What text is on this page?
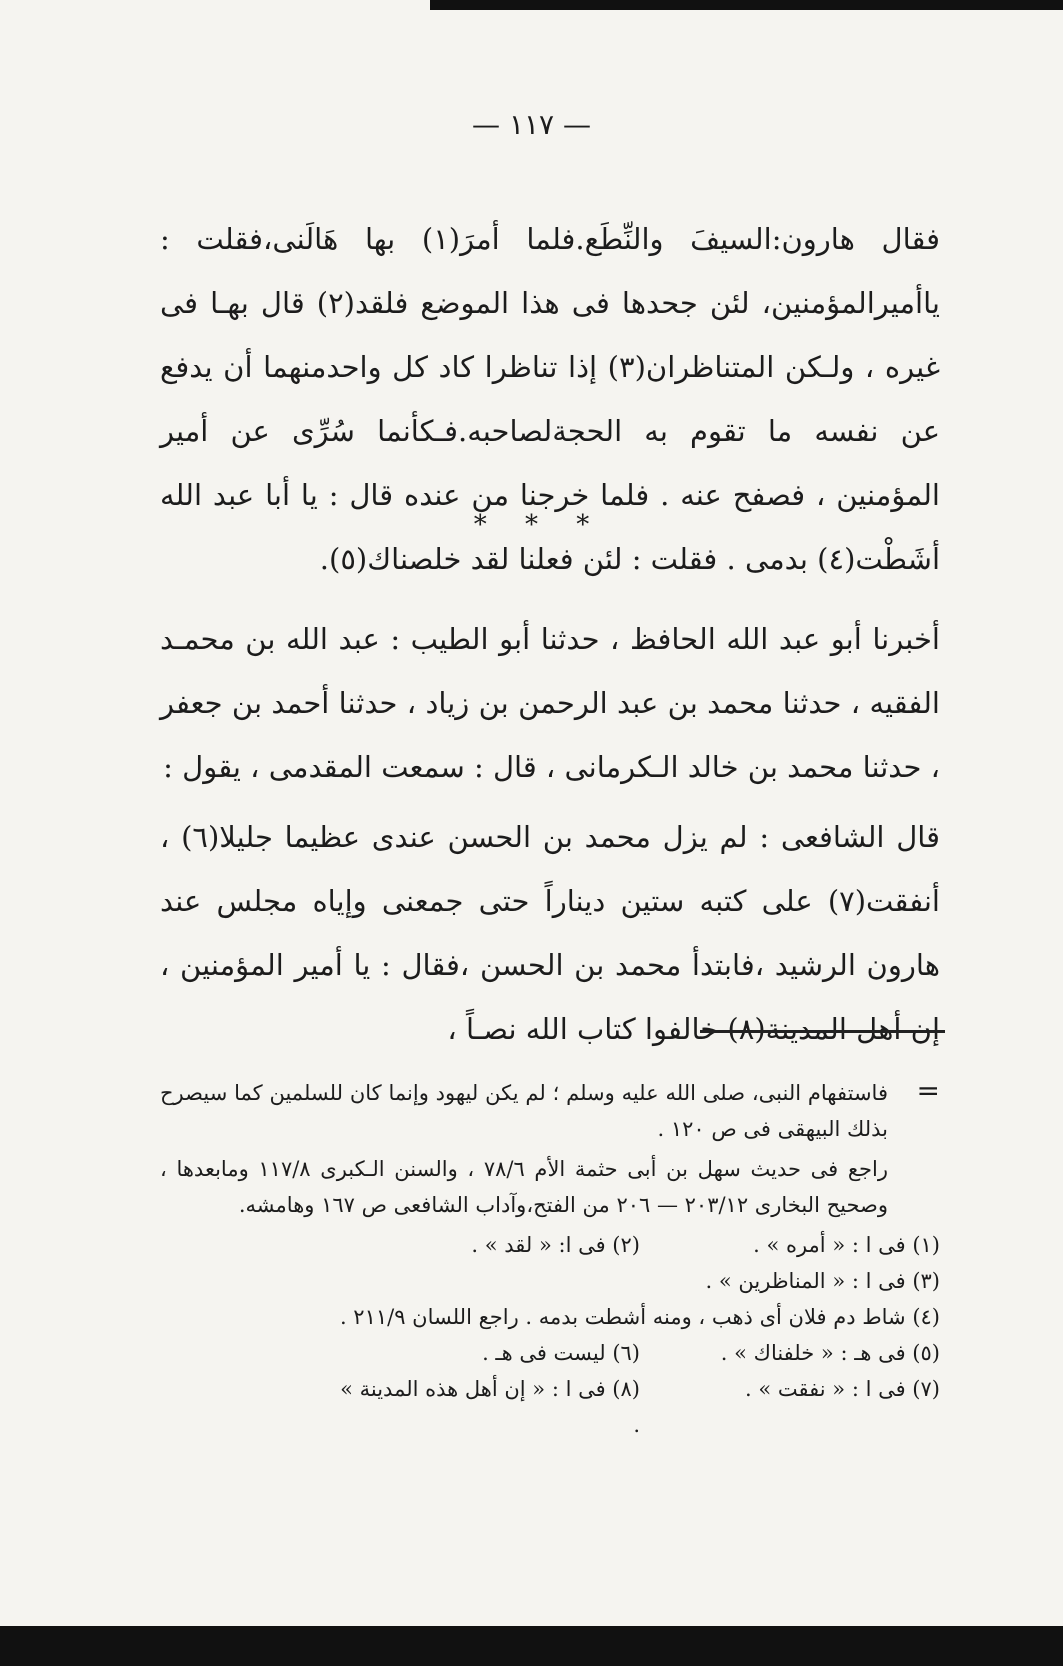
— ١١٧ —

فقال هارون:السيفَ والنِّطَع.فلما أمرَ(١) بها هَالَنى،فقلت : ياأميرالمؤمنين، لئن جحدها فى هذا الموضع فلقد(٢) قال بهـا فى غيره ، ولـكن المتناظران(٣) إذا تناظرا كاد كل واحدمنهما أن يدفع عن نفسه ما تقوم به الحجةلصاحبه.فـكأنما سُرِّى عن أمير المؤمنين ، فصفح عنه . فلما خرجنا من عنده قال : يا أبا عبد الله أشَطْت(٤) بدمى . فقلت : لئن فعلنا لقد خلصناك(٥).

* * *

أخبرنا أبو عبد الله الحافظ ، حدثنا أبو الطيب : عبد الله بن محمـد الفقيه ، حدثنا محمد بن عبد الرحمن بن زياد ، حدثنا أحمد بن جعفر ، حدثنا محمد بن خالد الـكرمانى ، قال : سمعت المقدمى ، يقول :

قال الشافعى : لم يزل محمد بن الحسن عندى عظيما جليلا(٦) ، أنفقت(٧) على كتبه ستين ديناراً حتى جمعنى وإياه مجلس عند هارون الرشيد ،فابتدأ محمد بن الحسن ،فقال : يا أمير المؤمنين ، إن أهل المدينة(٨) خالفوا كتاب الله نصـاً ،

=
فاستفهام النبى، صلى الله عليه وسلم ؛ لم يكن ليهود وإنما كان للسلمين كما سيصرح بذلك البيهقى فى ص ١٢٠ .

راجع فى حديث سهل بن أبى حثمة الأم ٧٨/٦ ، والسنن الـكبرى ١١٧/٨ ومابعدها ، وصحيح البخارى ٢٠٣/١٢ — ٢٠٦ من الفتح،وآداب الشافعى ص ١٦٧ وهامشه.

(١) فى ا : « أمره » .
(٢) فى ا: « لقد » .
(٣) فى ا : « المناظرين » .
(٤) شاط دم فلان أى ذهب ، ومنه أشطت بدمه . راجع اللسان ٢١١/٩ .
(٥) فى هـ : « خلفناك » .
(٦) ليست فى هـ .
(٧) فى ا : « نفقت » .
(٨) فى ا : « إن أهل هذه المدينة » .
